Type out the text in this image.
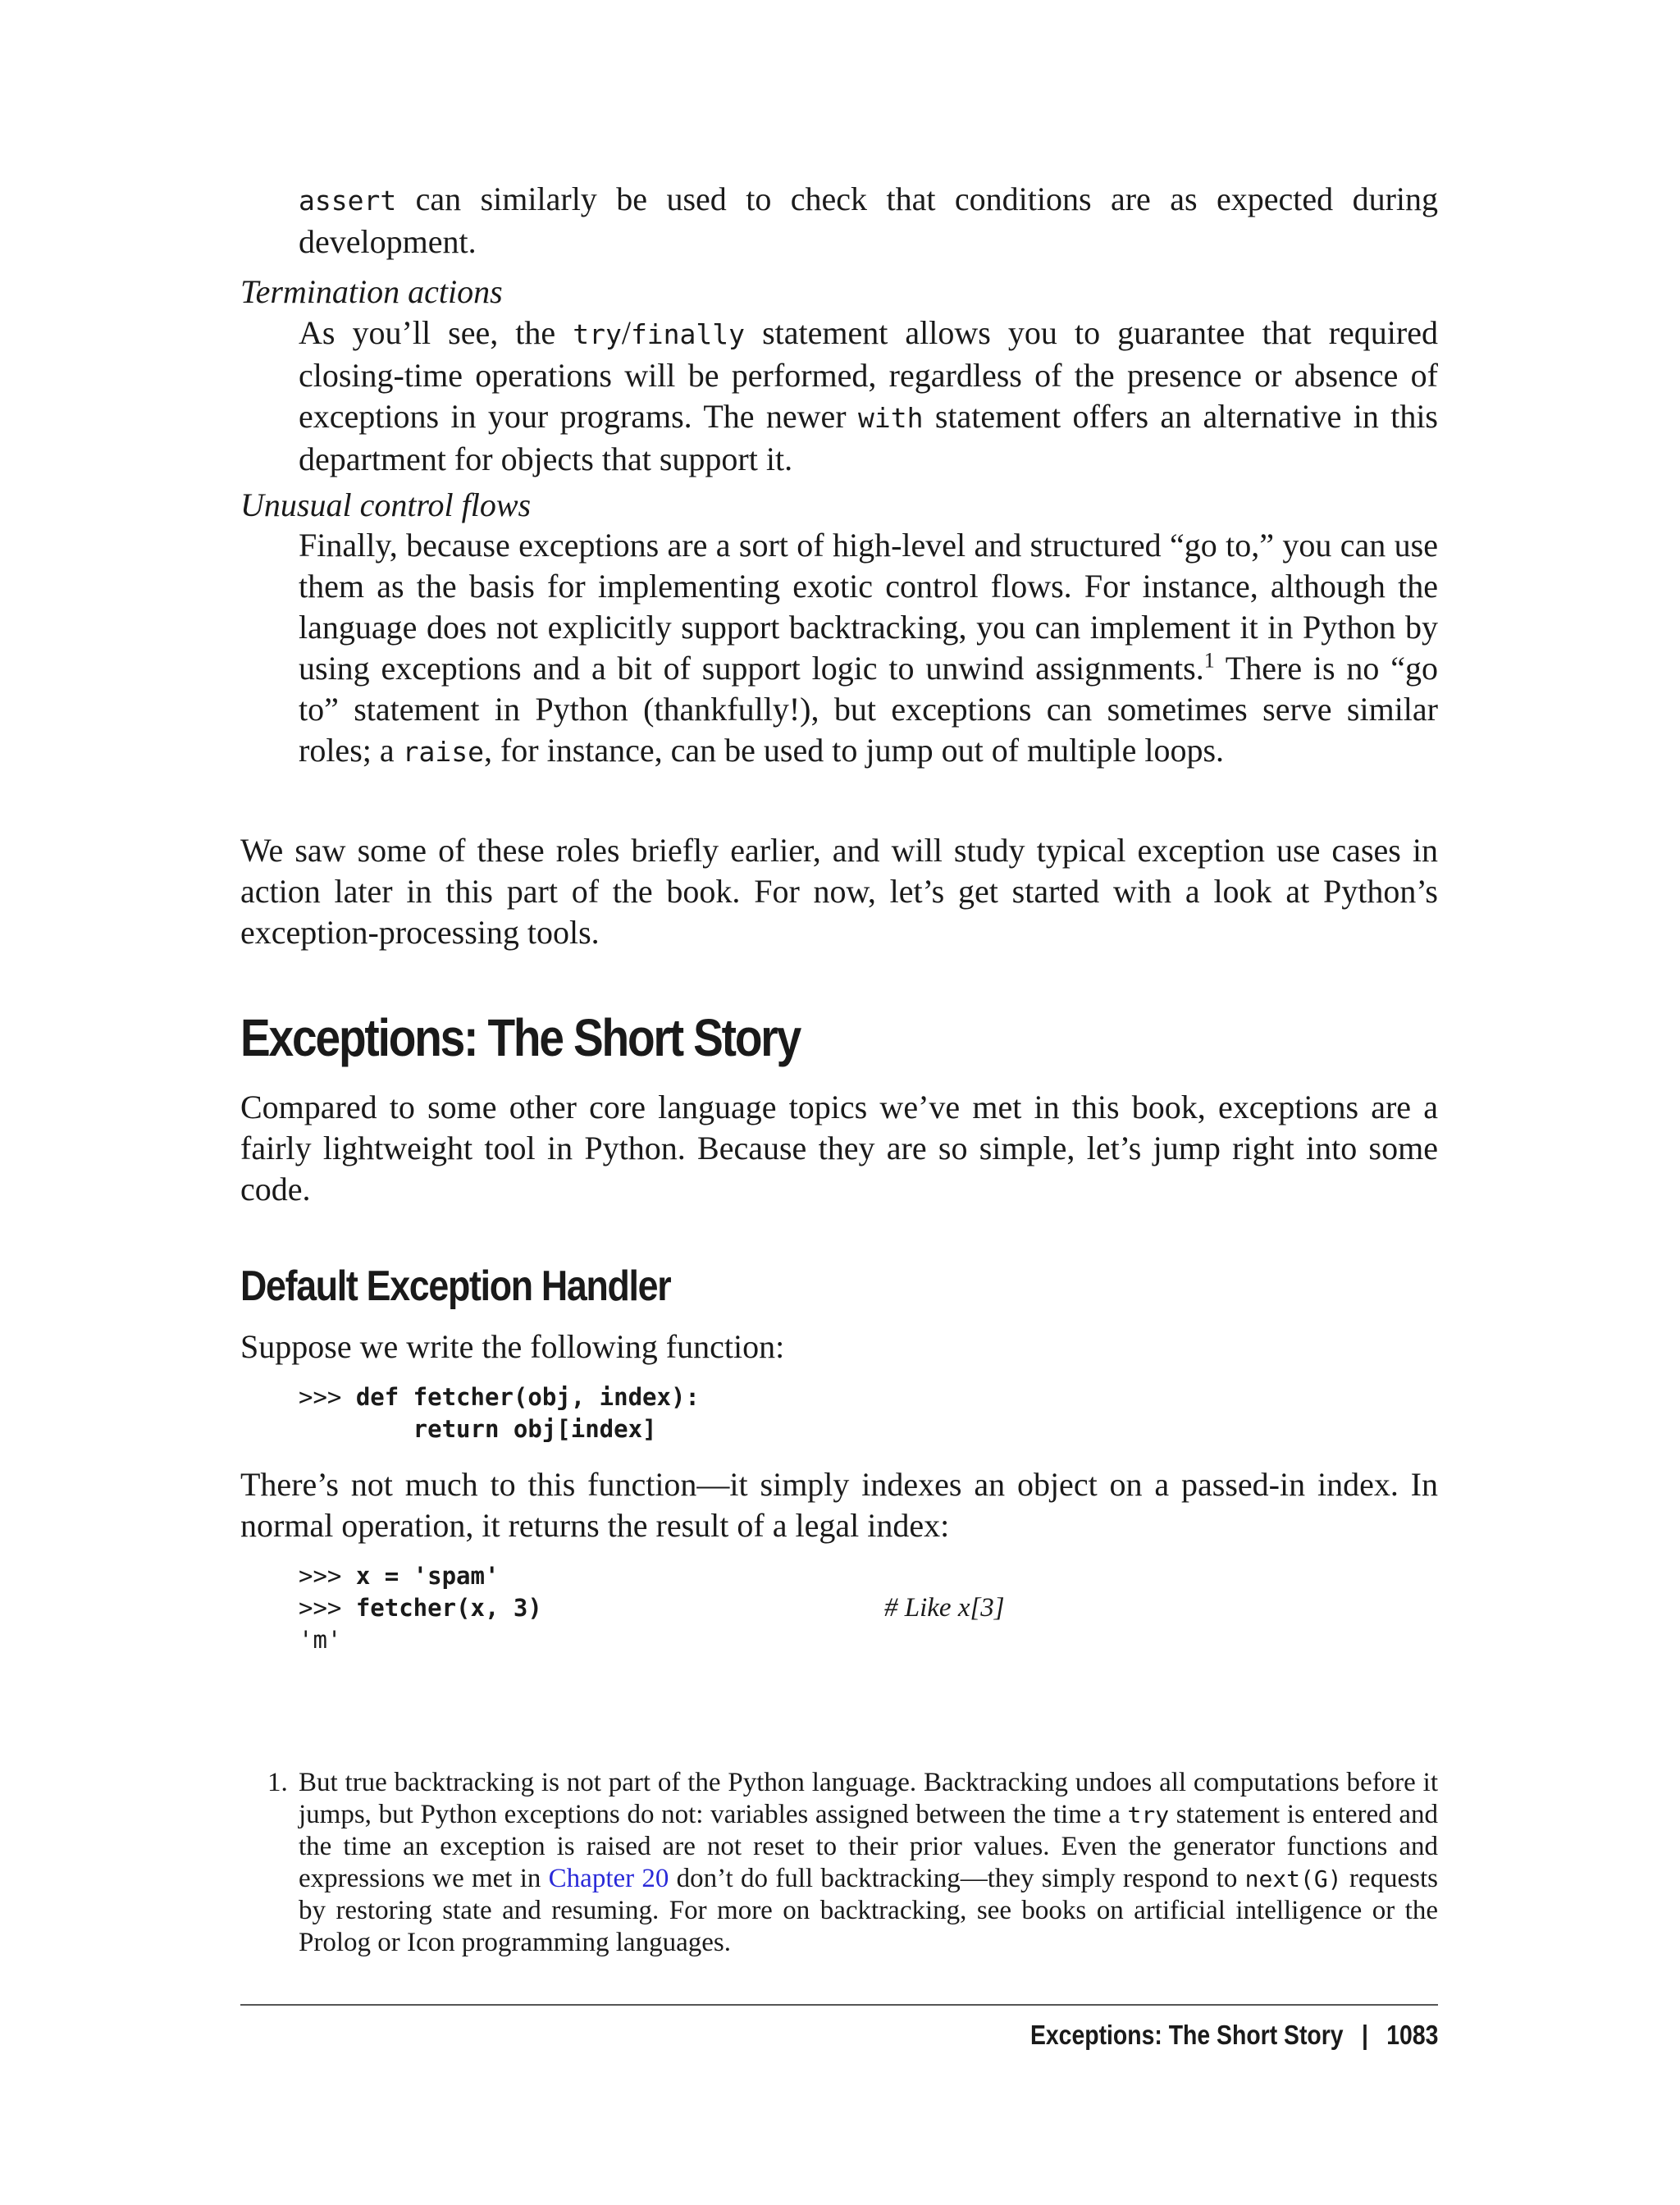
assert can similarly be used to check that conditions are as expected during development.
Termination actions
As you’ll see, the try/finally statement allows you to guarantee that required closing-time operations will be performed, regardless of the presence or absence of exceptions in your programs. The newer with statement offers an alternative in this department for objects that support it.
Unusual control flows
Finally, because exceptions are a sort of high-level and structured “go to,” you can use them as the basis for implementing exotic control flows. For instance, although the language does not explicitly support backtracking, you can implement it in Python by using exceptions and a bit of support logic to unwind assignments.$^1$ There is no “go to” statement in Python (thankfully!), but exceptions can sometimes serve similar roles; a raise, for instance, can be used to jump out of multiple loops.
We saw some of these roles briefly earlier, and will study typical exception use cases in action later in this part of the book. For now, let’s get started with a look at Python’s exception-processing tools.
Exceptions: The Short Story
Compared to some other core language topics we’ve met in this book, exceptions are a fairly lightweight tool in Python. Because they are so simple, let’s jump right into some code.
Default Exception Handler
Suppose we write the following function:
>>> def fetcher(obj, index):
return obj[index]
There’s not much to this function—it simply indexes an object on a passed-in index. In normal operation, it returns the result of a legal index:
>>> x = 'spam'
>>> fetcher(x, 3)	# Like x[3]

'm'
1. But true backtracking is not part of the Python language. Backtracking undoes all computations before it jumps, but Python exceptions do not: variables assigned between the time a try statement is entered and the time an exception is raised are not reset to their prior values. Even the generator functions and expressions we met in Chapter 20 don’t do full backtracking—they simply respond to next(G) requests by restoring state and resuming. For more on backtracking, see books on artificial intelligence or the Prolog or Icon programming languages.
Exceptions: The Short Story | 1083
